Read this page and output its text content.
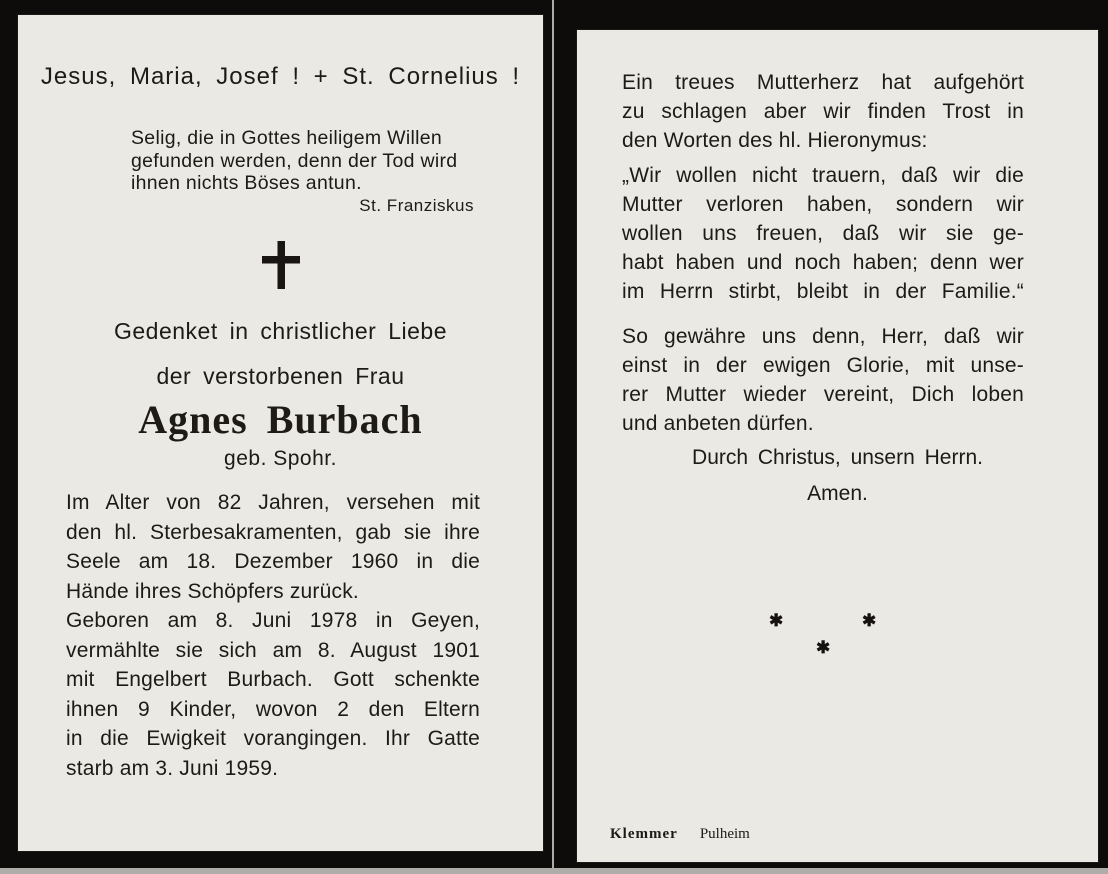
Jesus, Maria, Josef ! + St. Cornelius !
Selig, die in Gottes heiligem Willen
gefunden werden, denn der Tod wird
ihnen nichts Böses antun.
St. Franziskus
Gedenket in christlicher Liebe
der verstorbenen Frau
Agnes Burbach
geb. Spohr.
Im Alter von 82 Jahren, versehen mit
den hl. Sterbesakramenten, gab sie ihre
Seele am 18. Dezember 1960 in die
Hände ihres Schöpfers zurück.
Geboren am 8. Juni 1978 in Geyen,
vermählte sie sich am 8. August 1901
mit Engelbert Burbach. Gott schenkte
ihnen 9 Kinder, wovon 2 den Eltern
in die Ewigkeit vorangingen. Ihr Gatte
starb am 3. Juni 1959.
Ein treues Mutterherz hat aufgehört
zu schlagen aber wir finden Trost in
den Worten des hl. Hieronymus:
„Wir wollen nicht trauern, daß wir die
Mutter verloren haben, sondern wir
wollen uns freuen, daß wir sie ge-
habt haben und noch haben; denn wer
im Herrn stirbt, bleibt in der Familie.“
So gewähre uns denn, Herr, daß wir
einst in der ewigen Glorie, mit unse-
rer Mutter wieder vereint, Dich loben
und anbeten dürfen.
Durch Christus, unsern Herrn.
Amen.
✱	✱
✱
Klemmer Pulheim
